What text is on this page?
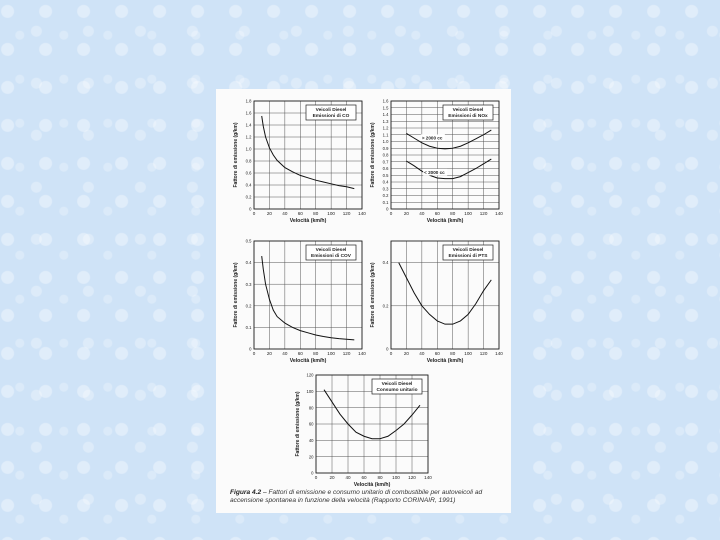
0	20 40 60 80 100 120 140
0
0.2
0.4
0.6
0.8
1.0
1.2
1.4
1.6
1.8
Velocità (km/h)
Fattore di emissione (g/km)
Veicoli Diesel
Emissioni di CO
0	20 40 60 80 100 120 140
0
0.1
0.2
0.3
0.4
0.5
0.6
0.7
0.8
0.9
1.0
1.1
1.2
1.3
1.4
1.5
1.6
Velocità (km/h)
Fattore di emissione (g/km)
Veicoli Diesel
Emissioni di NOx
> 2000 cc
< 2000 cc
0	20 40 60 80 100 120 140
0
0.1
0.2
0.3
0.4
0.5
Velocità (km/h)
Fattore di emissione (g/km)
Veicoli Diesel
Emissioni di COV
0	20 40 60 80 100 120 140
0
0.2
0.4
Velocità (km/h)
Fattore di emissione (g/km)
Veicoli Diesel
Emissioni di PTS
0	20 40 60 80 100 120 140
0
20
40
60
80
100
120
Velocità (km/h)
Fattore di emissione (g/km)
Veicoli Diesel
Consumo unitario
Figura 4.2 – Fattori di emissione e consumo unitario di combustibile per autoveicoli ad accensione spontanea in funzione della velocità (Rapporto CORINAIR, 1991)
